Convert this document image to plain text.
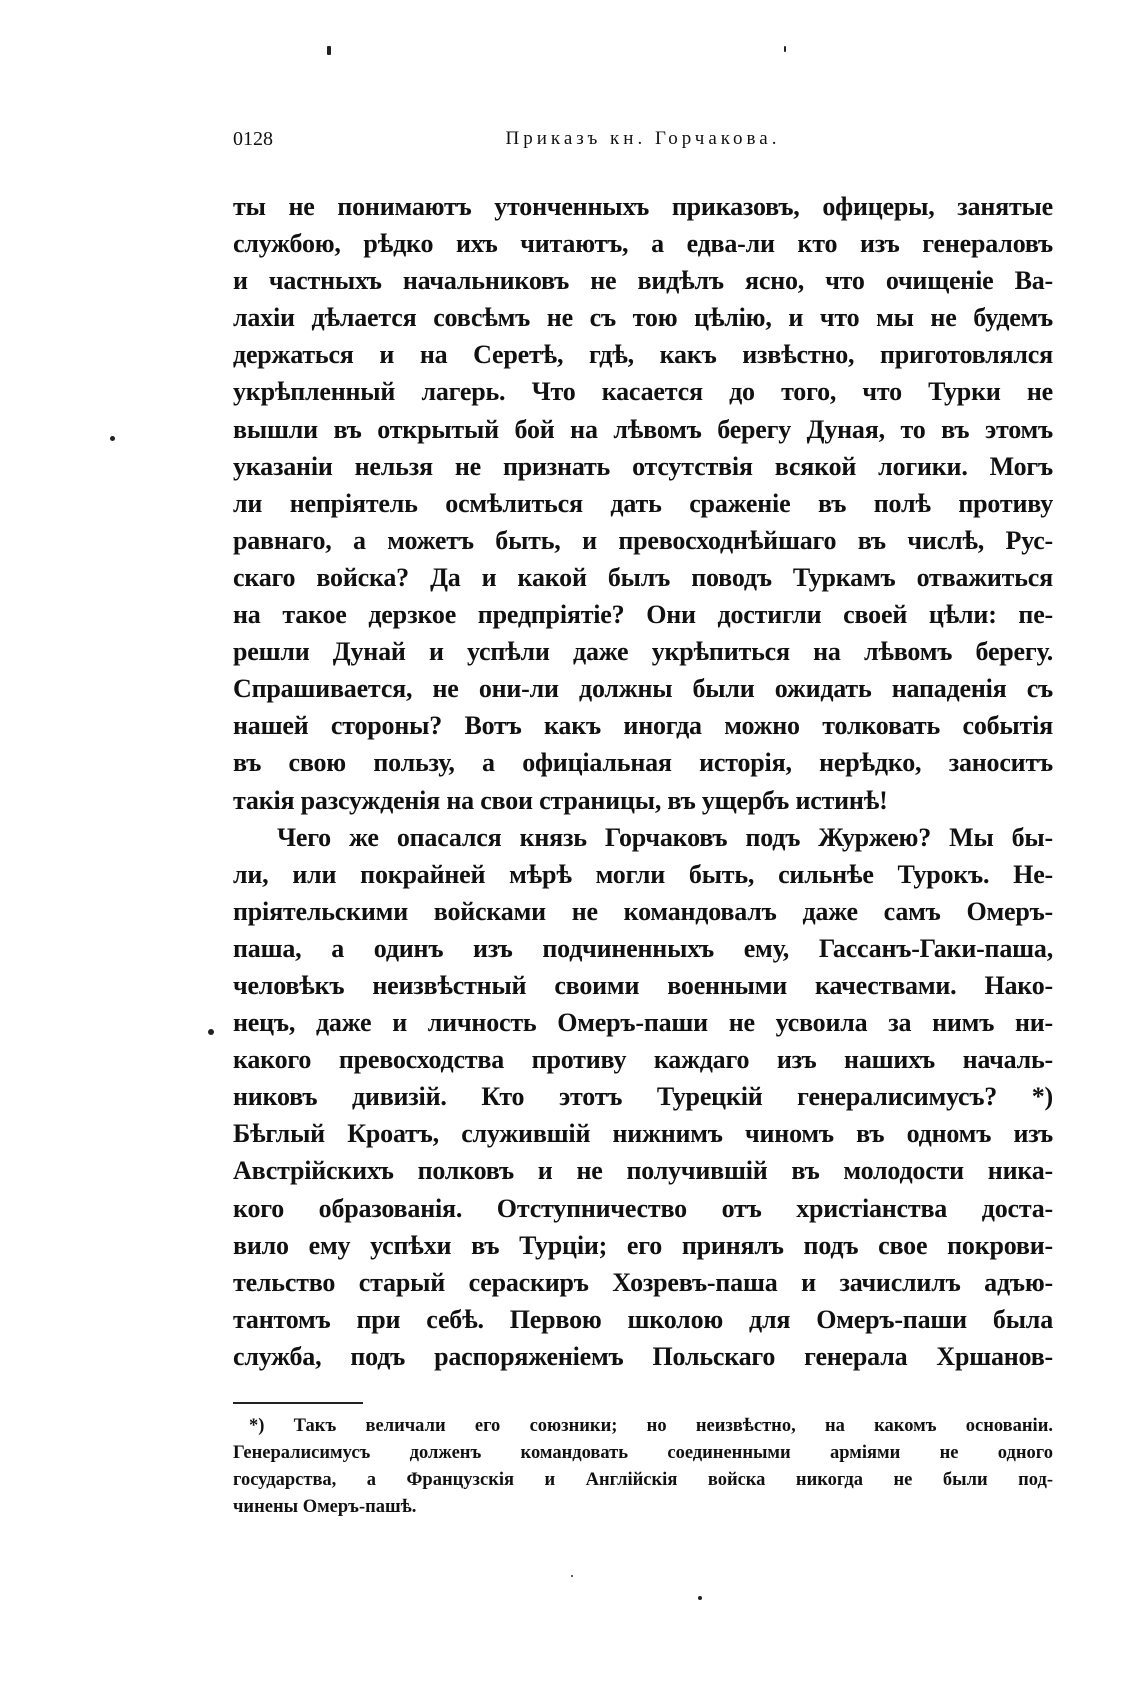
0128	Приказъ кн. Горчакова.
ты не понимаютъ утонченныхъ приказовъ, офицеры, занятые
службою, рѣдко ихъ читаютъ, а едва-ли кто изъ генераловъ
и частныхъ начальниковъ не видѣлъ ясно, что очищеніе Ва-
лахіи дѣлается совсѣмъ не съ тою цѣлію, и что мы не будемъ
держаться и на Серетѣ, гдѣ, какъ извѣстно, приготовлялся
укрѣпленный лагерь. Что касается до того, что Турки не
вышли въ открытый бой на лѣвомъ берегу Дуная, то въ этомъ
указаніи нельзя не признать отсутствія всякой логики. Могъ
ли непріятель осмѣлиться дать сраженіе въ полѣ противу
равнаго, а можетъ быть, и превосходнѣйшаго въ числѣ, Рус-
скаго войска? Да и какой былъ поводъ Туркамъ отважиться
на такое дерзкое предпріятіе? Они достигли своей цѣли: пе-
решли Дунай и успѣли даже укрѣпиться на лѣвомъ берегу.
Спрашивается, не они-ли должны были ожидать нападенія съ
нашей стороны? Вотъ какъ иногда можно толковать событія
въ свою пользу, а офиціальная исторія, нерѣдко, заноситъ
такія разсужденія на свои страницы, въ ущербъ истинѣ!
Чего же опасался князь Горчаковъ подъ Журжею? Мы бы-
ли, или покрайней мѣрѣ могли быть, сильнѣе Турокъ. Не-
пріятельскими войсками не командовалъ даже самъ Омеръ-
паша, а одинъ изъ подчиненныхъ ему, Гассанъ-Гаки-паша,
человѣкъ неизвѣстный своими военными качествами. Нако-
нецъ, даже и личность Омеръ-паши не усвоила за нимъ ни-
какого превосходства противу каждаго изъ нашихъ началь-
никовъ дивизій. Кто этотъ Турецкій генералисимусъ? *)
Бѣглый Кроатъ, служившій нижнимъ чиномъ въ одномъ изъ
Австрійскихъ полковъ и не получившій въ молодости ника-
кого образованія. Отступничество отъ христіанства доста-
вило ему успѣхи въ Турціи; его принялъ подъ свое покрови-
тельство старый сераскиръ Хозревъ-паша и зачислилъ адъю-
тантомъ при себѣ. Первою школою для Омеръ-паши была
служба, подъ распоряженіемъ Польскаго генерала Хршанов-
*) Такъ величали его союзники; но неизвѣстно, на какомъ основаніи.
Генералисимусъ долженъ командовать соединенными арміями не одного
государства, а Французскія и Англійскія войска никогда не были под-
чинены Омеръ-пашѣ.
